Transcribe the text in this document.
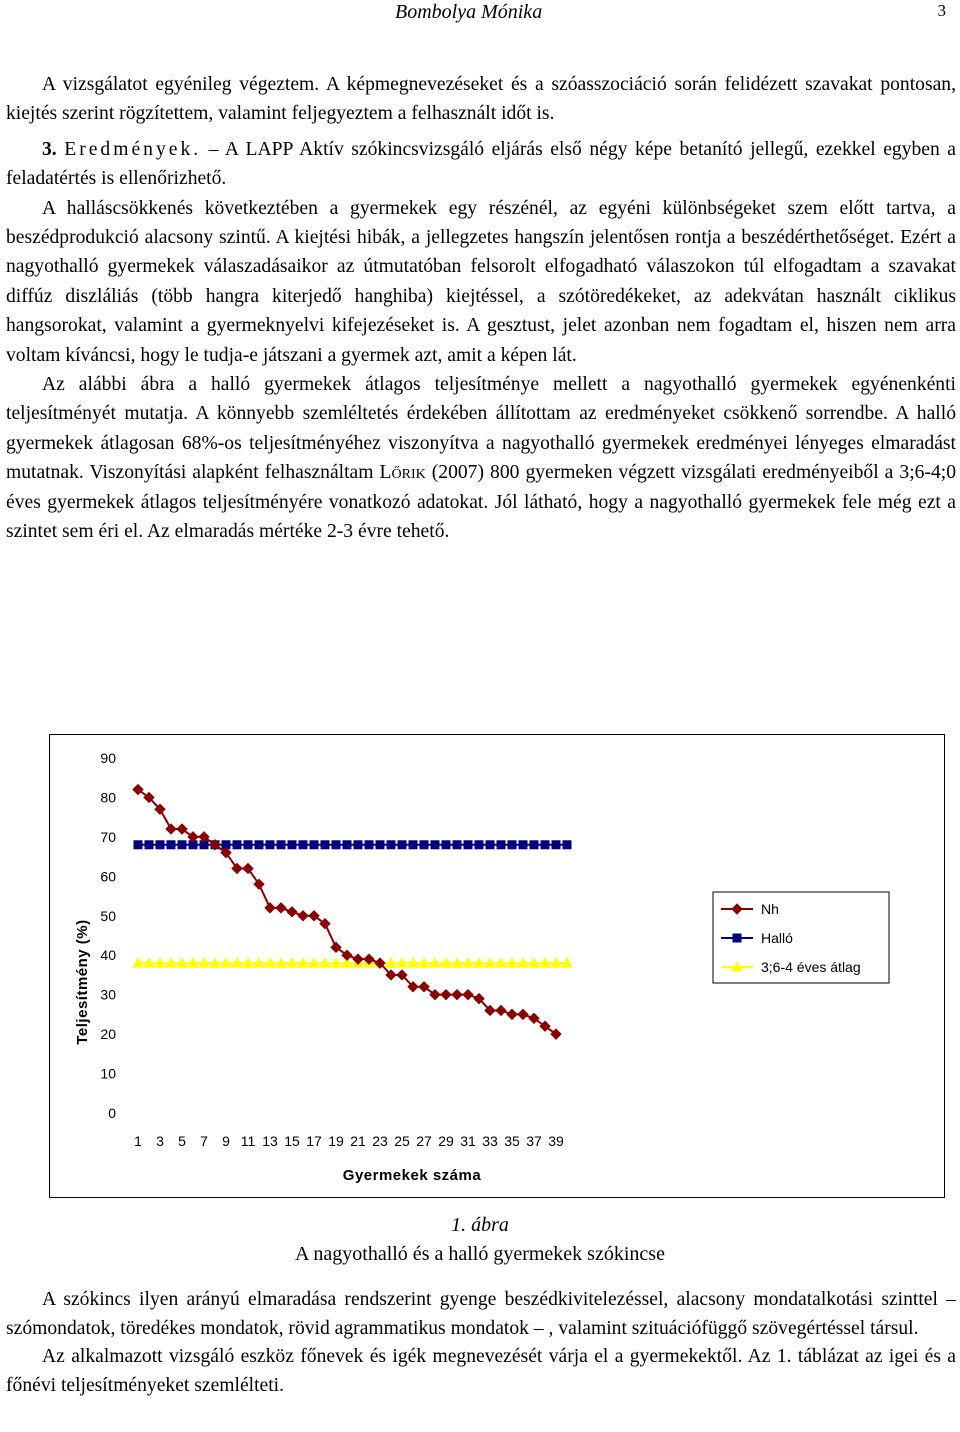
Bombolya Mónika	3

A vizsgálatot egyénileg végeztem. A képmegnevezéseket és a szóasszociáció során felidézett szavakat pontosan, kiejtés szerint rögzítettem, valamint feljegyeztem a felhasznált időt is.

3. Eredmények. – A LAPP Aktív szókincsvizsgáló eljárás első négy képe betanító jellegű, ezekkel egyben a feladatértés is ellenőrizhető.

A halláscsökkenés következtében a gyermekek egy részénél, az egyéni különbségeket szem előtt tartva, a beszédprodukció alacsony szintű. A kiejtési hibák, a jellegzetes hangszín jelentősen rontja a beszédérthetőséget. Ezért a nagyothalló gyermekek válaszadásaikor az útmutatóban felsorolt elfogadható válaszokon túl elfogadtam a szavakat diffúz diszláliás (több hangra kiterjedő hanghiba) kiejtéssel, a szótöredékeket, az adekvátan használt ciklikus hangsorokat, valamint a gyermeknyelvi kifejezéseket is. A gesztust, jelet azonban nem fogadtam el, hiszen nem arra voltam kíváncsi, hogy le tudja-e játszani a gyermek azt, amit a képen lát.

Az alábbi ábra a halló gyermekek átlagos teljesítménye mellett a nagyothalló gyermekek egyénenkénti teljesítményét mutatja. A könnyebb szemléltetés érdekében állítottam az eredményeket csökkenő sorrendbe. A halló gyermekek átlagosan 68%-os teljesítményéhez viszonyítva a nagyothalló gyermekek eredményei lényeges elmaradást mutatnak. Viszonyítási alapként felhasználtam Lőrik (2007) 800 gyermeken végzett vizsgálati eredményeiből a 3;6-4;0 éves gyermekek átlagos teljesítményére vonatkozó adatokat. Jól látható, hogy a nagyothalló gyermekek fele még ezt a szintet sem éri el. Az elmaradás mértéke 2-3 évre tehető.

0
10
20
30
40
50
60
70
80
90
1 3 5 7 9 11 13 15 17 19 21 23 25 27 29 31 33 35 37 39
Teljesítmény (%)
Gyermekek száma
Nh
Halló
3;6-4 éves átlag
1. ábra
A nagyothalló és a halló gyermekek szókincse

A szókincs ilyen arányú elmaradása rendszerint gyenge beszédkivitelezéssel, alacsony mondatalkotási szinttel – szómondatok, töredékes mondatok, rövid agrammatikus mondatok – , valamint szituációfüggő szövegértéssel társul.

Az alkalmazott vizsgáló eszköz főnevek és igék megnevezését várja el a gyermekektől. Az 1. táblázat az igei és a főnévi teljesítményeket szemlélteti.
